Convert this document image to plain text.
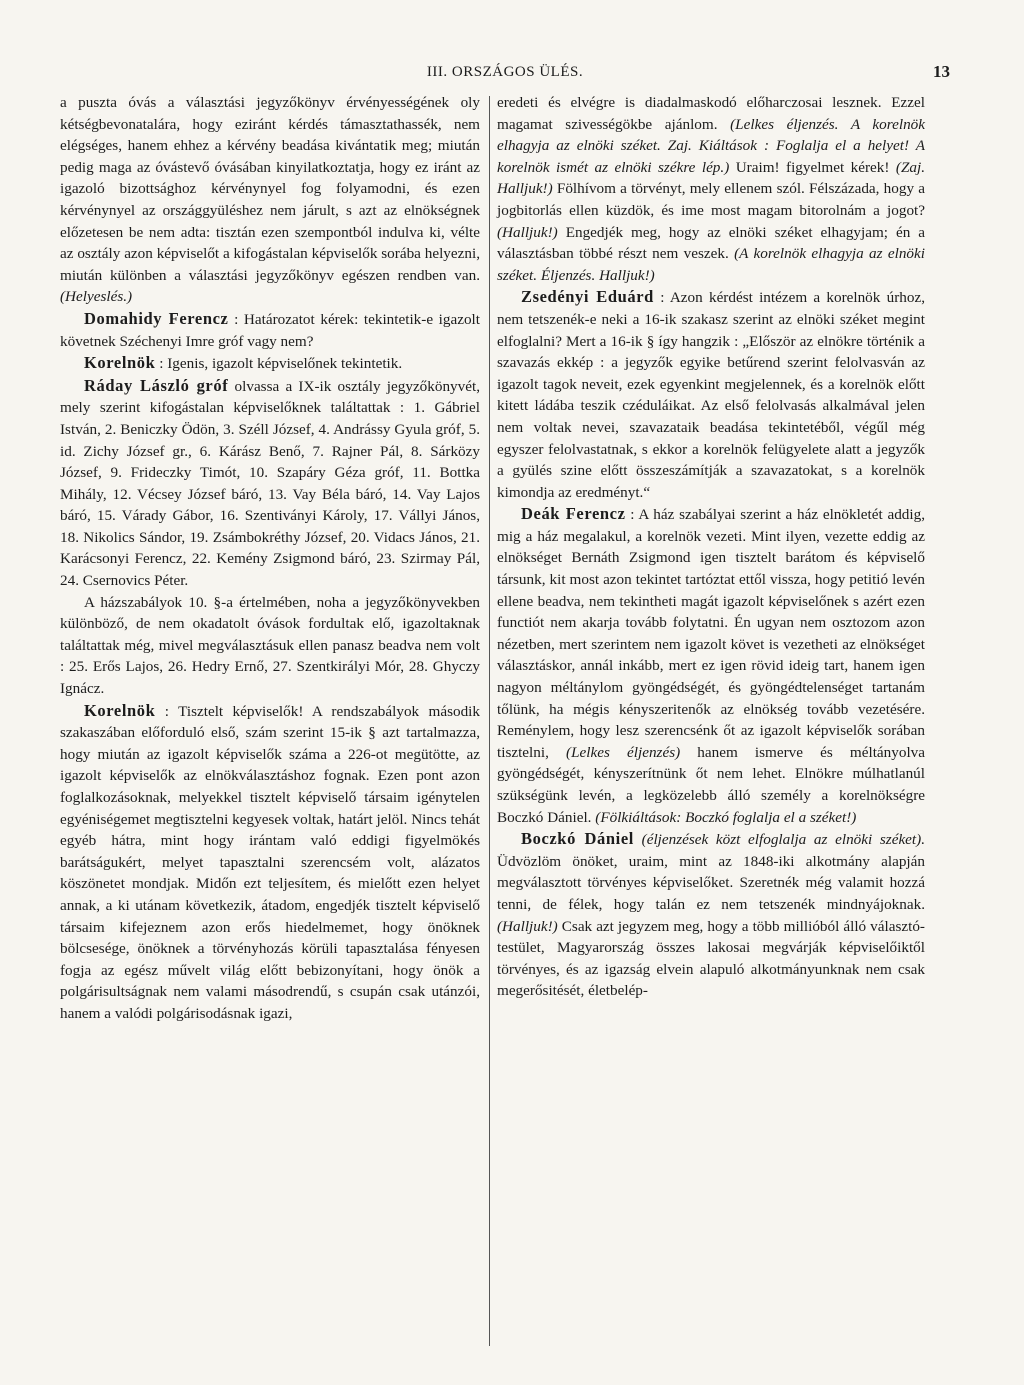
III. ORSZÁGOS ÜLÉS.	13

a puszta óvás a választási jegyzőkönyv érvényességének oly kétségbevonatalára, hogy eziránt kérdés támasztathassék, nem elégséges, hanem ehhez a kérvény beadása kivántatik meg; miután pedig maga az óvástevő óvásában kinyilatkoztatja, hogy ez iránt az igazoló bizottsághoz kérvénynyel fog folyamodni, és ezen kérvénynyel az országgyüléshez nem járult, s azt az elnökségnek előzetesen be nem adta: tisztán ezen szempontból indulva ki, vélte az osztály azon képviselőt a kifogástalan képviselők sorába helyezni, miután különben a választási jegyzőkönyv egészen rendben van. (Helyeslés.)

Domahidy Ferencz : Határozatot kérek: tekintetik-e igazolt követnek Széchenyi Imre gróf vagy nem?

Korelnök : Igenis, igazolt képviselőnek tekintetik.

Ráday László gróf olvassa a IX-ik osztály jegyzőkönyvét, mely szerint kifogástalan képviselőknek találtattak : 1. Gábriel István, 2. Beniczky Ödön, 3. Széll József, 4. Andrássy Gyula gróf, 5. id. Zichy József gr., 6. Kárász Benő, 7. Rajner Pál, 8. Sárközy József, 9. Frideczky Timót, 10. Szapáry Géza gróf, 11. Bottka Mihály, 12. Vécsey József báró, 13. Vay Béla báró, 14. Vay Lajos báró, 15. Várady Gábor, 16. Szentiványi Károly, 17. Vállyi János, 18. Nikolics Sándor, 19. Zsámbokréthy József, 20. Vidacs János, 21. Karácsonyi Ferencz, 22. Kemény Zsigmond báró, 23. Szirmay Pál, 24. Csernovics Péter.

A házszabályok 10. §-a értelmében, noha a jegyzőkönyvekben különböző, de nem okadatolt óvások fordultak elő, igazoltaknak találtattak még, mivel megválasztásuk ellen panasz beadva nem volt : 25. Erős Lajos, 26. Hedry Ernő, 27. Szentkirályi Mór, 28. Ghyczy Ignácz.

Korelnök : Tisztelt képviselők! A rendszabályok második szakaszában előforduló első, szám szerint 15-ik § azt tartalmazza, hogy miután az igazolt képviselők száma a 226-ot megütötte, az igazolt képviselők az elnökválasztáshoz fognak. Ezen pont azon foglalkozásoknak, melyekkel tisztelt képviselő társaim igénytelen egyéniségemet megtisztelni kegyesek voltak, határt jelöl. Nincs tehát egyéb hátra, mint hogy irántam való eddigi figyelmökés barátságukért, melyet tapasztalni szerencsém volt, alázatos köszönetet mondjak. Midőn ezt teljesítem, és mielőtt ezen helyet annak, a ki utánam következik, átadom, engedjék tisztelt képviselő társaim kifejeznem azon erős hiedelmemet, hogy önöknek bölcsesége, önöknek a törvényhozás körüli tapasztalása fényesen fogja az egész művelt világ előtt bebizonyítani, hogy önök a polgárisultságnak nem valami másodrendű, s csupán csak utánzói, hanem a valódi polgárisodásnak igazi,

eredeti és elvégre is diadalmaskodó előharczosai lesznek. Ezzel magamat szivességökbe ajánlom. (Lelkes éljenzés. A korelnök elhagyja az elnöki széket. Zaj. Kiáltások : Foglalja el a helyet! A korelnök ismét az elnöki székre lép.) Uraim! figyelmet kérek! (Zaj. Halljuk!) Fölhívom a törvényt, mely ellenem szól. Félszázada, hogy a jogbitorlás ellen küzdök, és ime most magam bitorolnám a jogot? (Halljuk!) Engedjék meg, hogy az elnöki széket elhagyjam; én a választásban többé részt nem veszek. (A korelnök elhagyja az elnöki széket. Éljenzés. Halljuk!)

Zsedényi Eduárd : Azon kérdést intézem a korelnök úrhoz, nem tetszenék-e neki a 16-ik szakasz szerint az elnöki széket megint elfoglalni? Mert a 16-ik § így hangzik : „Először az elnökre történik a szavazás ekkép : a jegyzők egyike betűrend szerint felolvasván az igazolt tagok neveit, ezek egyenkint megjelennek, és a korelnök előtt kitett ládába teszik czéduláikat. Az első felolvasás alkalmával jelen nem voltak nevei, szavazataik beadása tekintetéből, végűl még egyszer felolvastatnak, s ekkor a korelnök felügyelete alatt a jegyzők a gyülés szine előtt összeszámítják a szavazatokat, s a korelnök kimondja az eredményt.“

Deák Ferencz : A ház szabályai szerint a ház elnökletét addig, mig a ház megalakul, a korelnök vezeti. Mint ilyen, vezette eddig az elnökséget Bernáth Zsigmond igen tisztelt barátom és képviselő társunk, kit most azon tekintet tartóztat ettől vissza, hogy petitió levén ellene beadva, nem tekintheti magát igazolt képviselőnek s azért ezen functiót nem akarja tovább folytatni. Én ugyan nem osztozom azon nézetben, mert szerintem nem igazolt követ is vezetheti az elnökséget választáskor, annál inkább, mert ez igen rövid ideig tart, hanem igen nagyon méltánylom gyöngédségét, és gyöngédtelenséget tartanám tőlünk, ha mégis kényszeritenők az elnökség tovább vezetésére. Reménylem, hogy lesz szerencsénk őt az igazolt képviselők sorában tisztelni, (Lelkes éljenzés) hanem ismerve és méltányolva gyöngédségét, kényszerítnünk őt nem lehet. Elnökre múlhatlanúl szükségünk levén, a legközelebb álló személy a korelnökségre Boczkó Dániel. (Fölkiáltások: Boczkó foglalja el a széket!)

Boczkó Dániel (éljenzések közt elfoglalja az elnöki széket). Üdvözlöm önöket, uraim, mint az 1848-iki alkotmány alapján megválasztott törvényes képviselőket. Szeretnék még valamit hozzá tenni, de félek, hogy talán ez nem tetszenék mindnyájoknak. (Halljuk!) Csak azt jegyzem meg, hogy a több millióból álló választó-testület, Magyarország összes lakosai megvárják képviselőiktől törvényes, és az igazság elvein alapuló alkotmányunknak nem csak megerősitését, életbelép-
